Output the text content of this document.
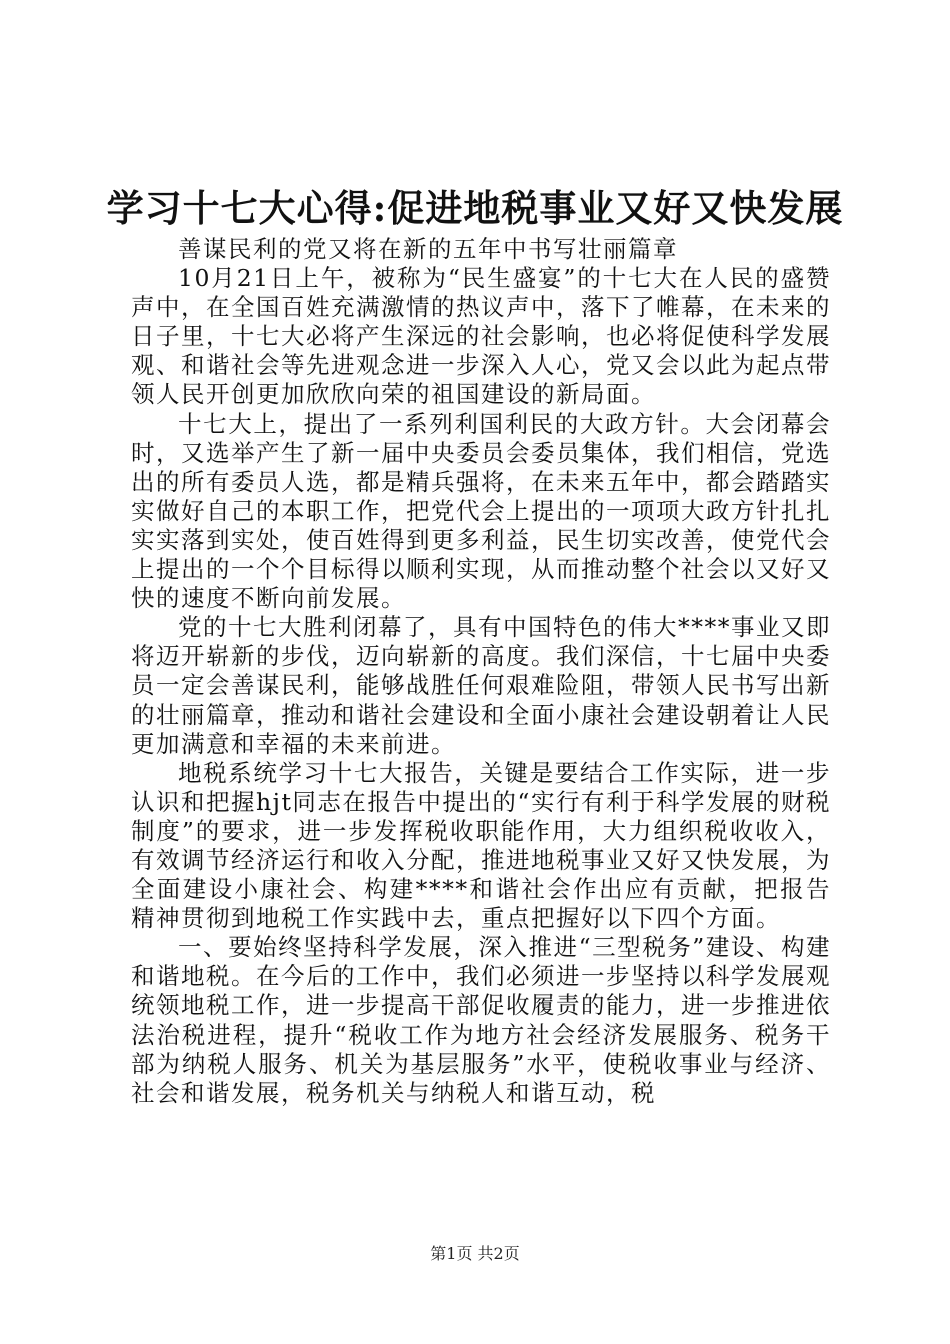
学习十七大心得:促进地税事业又好又快发展

善谋民利的党又将在新的五年中书写壮丽篇章

10月21日上午，被称为“民生盛宴”的十七大在人民的盛赞声中，在全国百姓充满激情的热议声中，落下了帷幕，在未来的日子里，十七大必将产生深远的社会影响，也必将促使科学发展观、和谐社会等先进观念进一步深入人心，党又会以此为起点带领人民开创更加欣欣向荣的祖国建设的新局面。

十七大上，提出了一系列利国利民的大政方针。大会闭幕会时，又选举产生了新一届中央委员会委员集体，我们相信，党选出的所有委员人选，都是精兵强将，在未来五年中，都会踏踏实实做好自己的本职工作，把党代会上提出的一项项大政方针扎扎实实落到实处，使百姓得到更多利益，民生切实改善，使党代会上提出的一个个目标得以顺利实现，从而推动整个社会以又好又快的速度不断向前发展。

党的十七大胜利闭幕了，具有中国特色的伟大****事业又即将迈开崭新的步伐，迈向崭新的高度。我们深信，十七届中央委员一定会善谋民利，能够战胜任何艰难险阻，带领人民书写出新的壮丽篇章，推动和谐社会建设和全面小康社会建设朝着让人民更加满意和幸福的未来前进。

地税系统学习十七大报告，关键是要结合工作实际，进一步认识和把握hjt同志在报告中提出的“实行有利于科学发展的财税制度”的要求，进一步发挥税收职能作用，大力组织税收收入，有效调节经济运行和收入分配，推进地税事业又好又快发展，为全面建设小康社会、构建****和谐社会作出应有贡献，把报告精神贯彻到地税工作实践中去，重点把握好以下四个方面。

一、要始终坚持科学发展，深入推进“三型税务”建设、构建和谐地税。在今后的工作中，我们必须进一步坚持以科学发展观统领地税工作，进一步提高干部促收履责的能力，进一步推进依法治税进程，提升“税收工作为地方社会经济发展服务、税务干部为纳税人服务、机关为基层服务”水平，使税收事业与经济、社会和谐发展，税务机关与纳税人和谐互动，税

第1页 共2页
